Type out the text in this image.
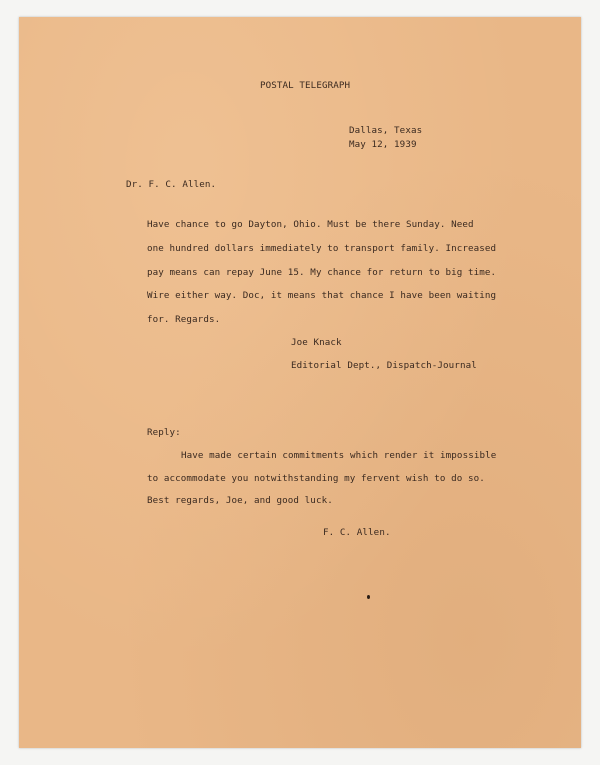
POSTAL TELEGRAPH
Dallas, Texas
May 12, 1939
Dr. F. C. Allen.
Have chance to go Dayton, Ohio. Must be there Sunday. Need
one hundred dollars immediately to transport family. Increased
pay means can repay June 15. My chance for return to big time.
Wire either way. Doc, it means that chance I have been waiting
for. Regards.
Joe Knack
Editorial Dept., Dispatch-Journal
Reply:
Have made certain commitments which render it impossible
to accommodate you notwithstanding my fervent wish to do so.
Best regards, Joe, and good luck.
F. C. Allen.
